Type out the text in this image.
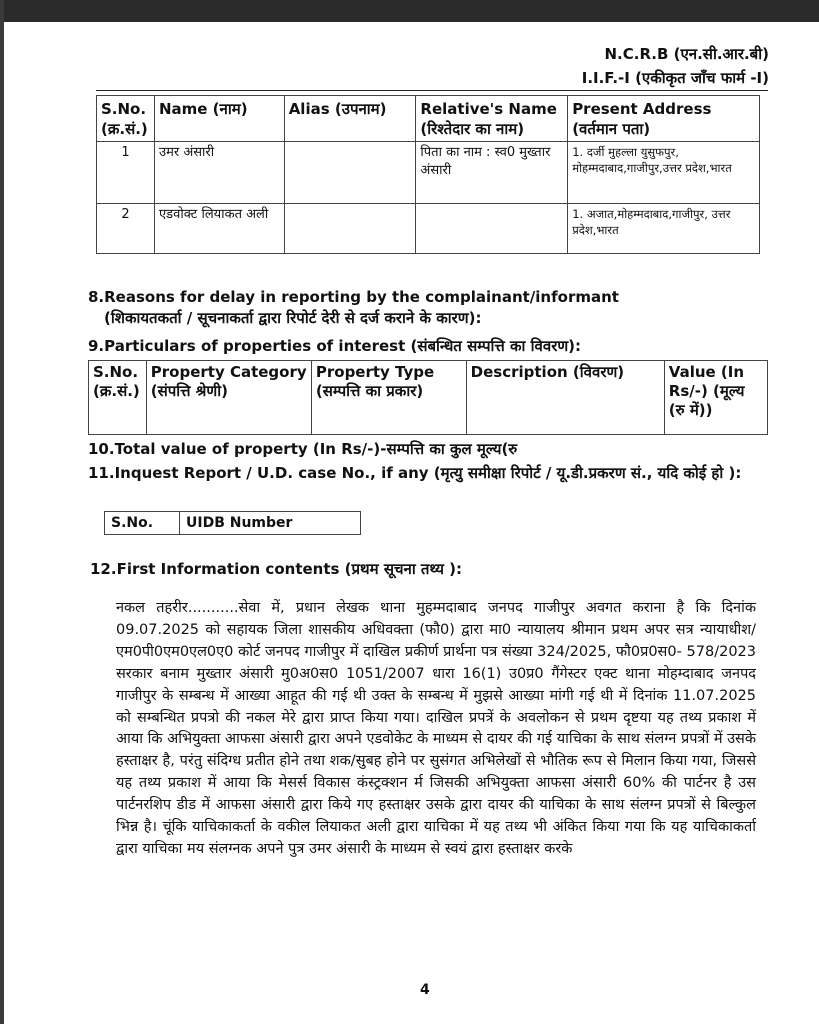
N.C.R.B (एन.सी.आर.बी)
I.I.F.-I (एकीकृत जाँच फार्म -I)
S.No. (क्र.सं.)	Name (नाम)	Alias (उपनाम)	Relative's Name (रिश्तेदार का नाम)	Present Address (वर्तमान पता)
1	उमर अंसारी		पिता का नाम : स्व0 मुख्तार अंसारी	1. दर्जी मुहल्ला युसुफपुर, मोहम्मदाबाद,गाजीपुर,उत्तर प्रदेश,भारत
2	एडवोक्ट लियाकत अली			1. अजात,मोहम्मदाबाद,गाजीपुर, उत्तर प्रदेश,भारत
8.Reasons for delay in reporting by the complainant/informant
(शिकायतकर्ता / सूचनाकर्ता द्वारा रिपोर्ट देरी से दर्ज कराने के कारण):
9.Particulars of properties of interest (संबन्धित सम्पत्ति का विवरण):
S.No. (क्र.सं.)	Property Category (संपत्ति श्रेणी)	Property Type (सम्पत्ति का प्रकार)	Description (विवरण)	Value (In Rs/-) (मूल्य (रु में))
10.Total value of property (In Rs/-)-सम्पत्ति का कुल मूल्य(रु
11.Inquest Report / U.D. case No., if any (मृत्यु समीक्षा रिपोर्ट / यू.डी.प्रकरण सं., यदि कोई हो ):
S.No.	UIDB Number
12.First Information contents (प्रथम सूचना तथ्य ):
नकल तहरीर...........सेवा में, प्रधान लेखक थाना मुहम्मदाबाद जनपद गाजीपुर अवगत कराना है कि दिनांक 09.07.2025 को सहायक जिला शासकीय अधिवक्ता (फौ0) द्वारा मा0 न्यायालय श्रीमान प्रथम अपर सत्र न्यायाधीश/ एम0पी0एम0एल0ए0 कोर्ट जनपद गाजीपुर में दाखिल प्रकीर्ण प्रार्थना पत्र संख्या 324/2025, फौ0प्र0स0- 578/2023 सरकार बनाम मुख्तार अंसारी मु0अ0स0 1051/2007 धारा 16(1) उ0प्र0 गैंगेस्टर एक्ट थाना मोहम्दाबाद जनपद गाजीपुर के सम्बन्ध में आख्या आहूत की गई थी उक्त के सम्बन्ध में मुझसे आख्या मांगी गई थी में दिनांक 11.07.2025 को सम्बन्धित प्रपत्रो की नकल मेरे द्वारा प्राप्त किया गया। दाखिल प्रपत्रें के अवलोकन से प्रथम दृष्टया यह तथ्य प्रकाश में आया कि अभियुक्ता आफसा अंसारी द्वारा अपने एडवोकेट के माध्यम से दायर की गई याचिका के साथ संलग्न प्रपत्रों में उसके हस्ताक्षर है, परंतु संदिग्ध प्रतीत होने तथा शक/सुबह होने पर सुसंगत अभिलेखों से भौतिक रूप से मिलान किया गया, जिससे यह तथ्य प्रकाश में आया कि मेसर्स विकास कंस्ट्रक्शन र्म जिसकी अभियुक्ता आफसा अंसारी 60% की पार्टनर है उस पार्टनरशिप डीड में आफसा अंसारी द्वारा किये गए हस्ताक्षर उसके द्वारा दायर की याचिका के साथ संलग्न प्रपत्रों से बिल्कुल भिन्न है। चूंकि याचिकाकर्ता के वकील लियाकत अली द्वारा याचिका में यह तथ्य भी अंकित किया गया कि यह याचिकाकर्ता द्वारा याचिका मय संलग्नक अपने पुत्र उमर अंसारी के माध्यम से स्वयं द्वारा हस्ताक्षर करके
4
